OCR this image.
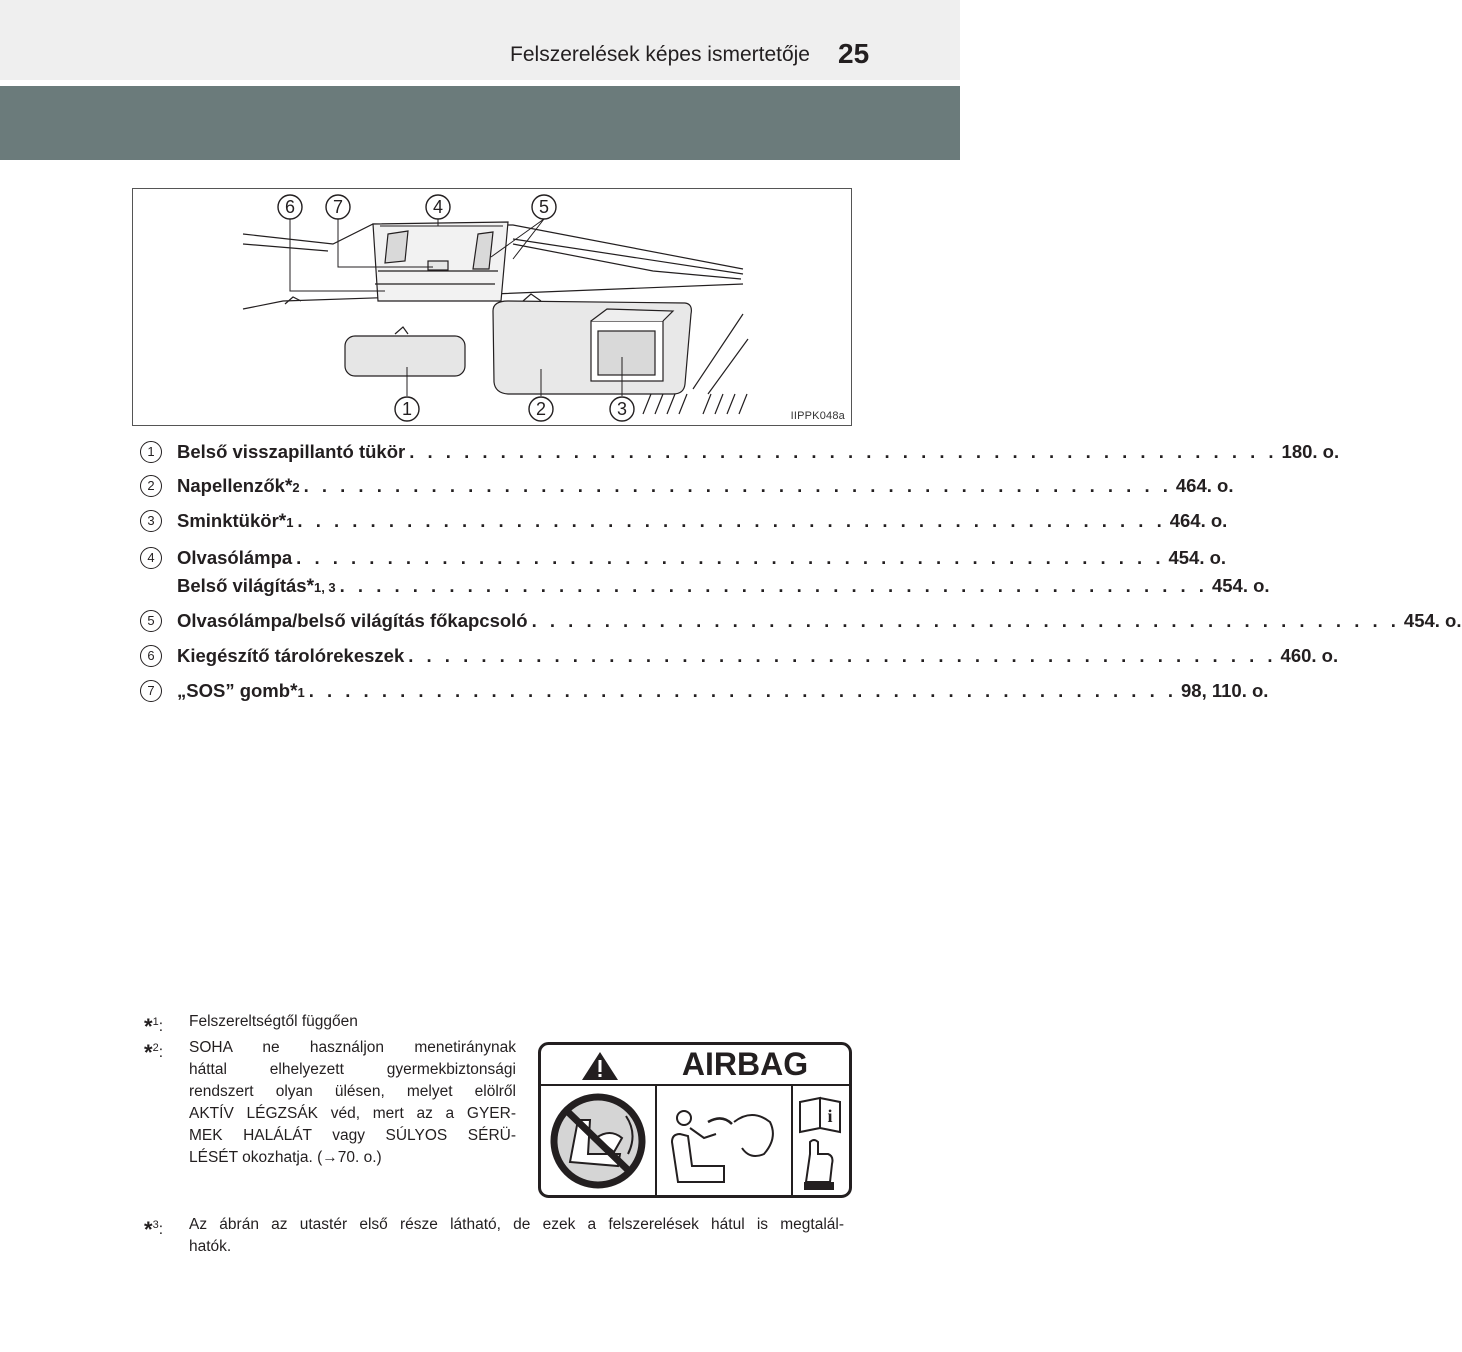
Felszerelések képes ismertetője 25
6 7	4	5
1	2	3	IIPPK048a
1	Belső visszapillantó tükör . . . . . . . . . . . . . . . . . . . . . . . . . . . . . . . . . . . . . . . . . . . . . . . . 180. o.
2	Napellenzők *2 . . . . . . . . . . . . . . . . . . . . . . . . . . . . . . . . . . . . . . . . . . . . . . . . 464. o.
3	Sminktükör *1 . . . . . . . . . . . . . . . . . . . . . . . . . . . . . . . . . . . . . . . . . . . . . . . . 464. o.
4	Olvasólámpa . . . . . . . . . . . . . . . . . . . . . . . . . . . . . . . . . . . . . . . . . . . . . . . . 454. o.
Belső világítás *1, 3 . . . . . . . . . . . . . . . . . . . . . . . . . . . . . . . . . . . . . . . . . . . . . . . . 454. o.
5	Olvasólámpa/belső világítás főkapcsoló . . . . . . . . . . . . . . . . . . . . . . . . . . . . . . . . . . . . . . . . . . . . . . . . 454. o.
6	Kiegészítő tárolórekeszek . . . . . . . . . . . . . . . . . . . . . . . . . . . . . . . . . . . . . . . . . . . . . . . . 460. o.
7	„SOS” gomb *1 . . . . . . . . . . . . . . . . . . . . . . . . . . . . . . . . . . . . . . . . . . . . . . . . 98, 110. o.
*$^1$:	Felszereltségtől függően
*$^2$:	SOHA ne használjon menetiránynak
háttal elhelyezett gyermekbiztonsági
rendszert olyan ülésen, melyet elölről
AKTÍV LÉGZSÁK véd, mert az a GYER-
MEK HALÁLÁT vagy SÚLYOS SÉRÜ-
LÉSÉT okozhatja. (→70. o.)
*$^3$:	Az ábrán az utastér első része látható, de ezek a felszerelések hátul is megtalál-
hatók.
AIRBAG
i
